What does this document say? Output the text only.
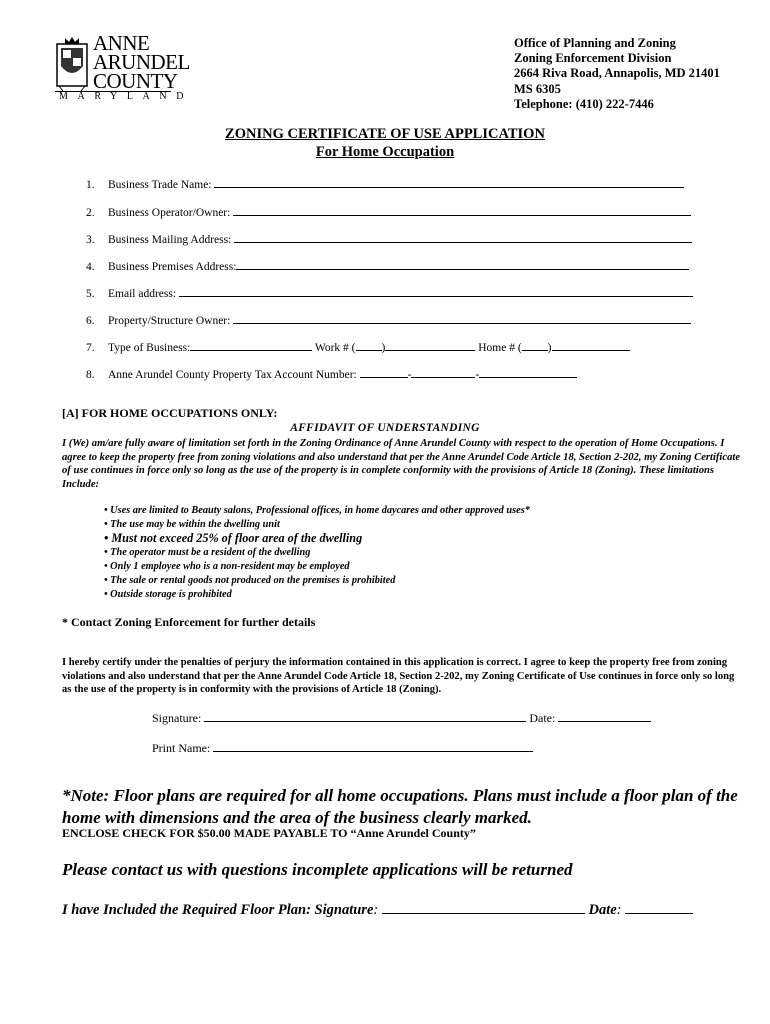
ANNE
ARUNDEL
COUNTY
MARYLAND
Office of Planning and Zoning
Zoning Enforcement Division
2664 Riva Road, Annapolis, MD 21401
MS 6305
Telephone: (410) 222-7446
ZONING CERTIFICATE OF USE APPLICATION
For Home Occupation
1. Business Trade Name:
2. Business Operator/Owner:
3. Business Mailing Address:
4. Business Premises Address:
5. Email address:
6. Property/Structure Owner:
7. Type of Business:	Work # ( )	Home # ( )
8. Anne Arundel County Property Tax Account Number:	-	-
[A] FOR HOME OCCUPATIONS ONLY:
AFFIDAVIT OF UNDERSTANDING
I (We) am/are fully aware of limitation set forth in the Zoning Ordinance of Anne Arundel County with respect to the operation of Home Occupations. I agree to keep the property free from zoning violations and also understand that per the Anne Arundel Code Article 18, Section 2-202, my Zoning Certificate of use continues in force only so long as the use of the property is in complete conformity with the provisions of Article 18 (Zoning). These limitations Include:
• Uses are limited to Beauty salons, Professional offices, in home daycares and other approved uses*
• The use may be within the dwelling unit
• Must not exceed 25% of floor area of the dwelling
• The operator must be a resident of the dwelling
• Only 1 employee who is a non-resident may be employed
• The sale or rental goods not produced on the premises is prohibited
• Outside storage is prohibited
* Contact Zoning Enforcement for further details
I hereby certify under the penalties of perjury the information contained in this application is correct. I agree to keep the property free from zoning violations and also understand that per the Anne Arundel Code Article 18, Section 2-202, my Zoning Certificate of Use continues in force only so long as the use of the property is in conformity with the provisions of Article 18 (Zoning).
Signature:	Date:
Print Name:
*Note: Floor plans are required for all home occupations. Plans must include a floor plan of the home with dimensions and the area of the business clearly marked.
ENCLOSE CHECK FOR $50.00 MADE PAYABLE TO “Anne Arundel County”
Please contact us with questions incomplete applications will be returned
I have Included the Required Floor Plan: Signature:	Date:
